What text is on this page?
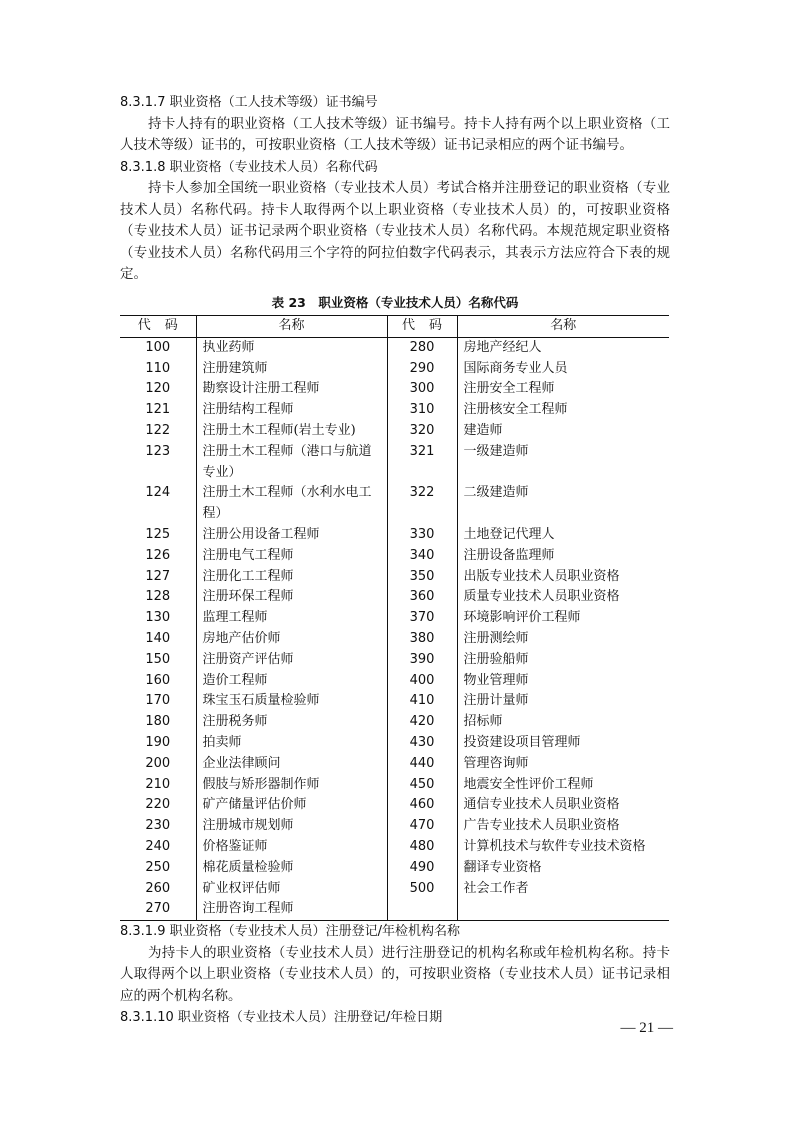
8.3.1.7 职业资格（工人技术等级）证书编号
持卡人持有的职业资格（工人技术等级）证书编号。持卡人持有两个以上职业资格（工人技术等级）证书的，可按职业资格（工人技术等级）证书记录相应的两个证书编号。
8.3.1.8 职业资格（专业技术人员）名称代码
持卡人参加全国统一职业资格（专业技术人员）考试合格并注册登记的职业资格（专业技术人员）名称代码。持卡人取得两个以上职业资格（专业技术人员）的，可按职业资格（专业技术人员）证书记录两个职业资格（专业技术人员）名称代码。本规范规定职业资格（专业技术人员）名称代码用三个字符的阿拉伯数字代码表示，其表示方法应符合下表的规定。
表 23　职业资格（专业技术人员）名称代码
代码	名称	代码	名称
100	执业药师	280	房地产经纪人
110	注册建筑师	290	国际商务专业人员
120	勘察设计注册工程师	300	注册安全工程师
121	注册结构工程师	310	注册核安全工程师
122	注册土木工程师(岩土专业)	320	建造师
123	注册土木工程师（港口与航道专业）	321	一级建造师
124	注册土木工程师（水利水电工程）	322	二级建造师
125	注册公用设备工程师	330	土地登记代理人
126	注册电气工程师	340	注册设备监理师
127	注册化工工程师	350	出版专业技术人员职业资格
128	注册环保工程师	360	质量专业技术人员职业资格
130	监理工程师	370	环境影响评价工程师
140	房地产估价师	380	注册测绘师
150	注册资产评估师	390	注册验船师
160	造价工程师	400	物业管理师
170	珠宝玉石质量检验师	410	注册计量师
180	注册税务师	420	招标师
190	拍卖师	430	投资建设项目管理师
200	企业法律顾问	440	管理咨询师
210	假肢与矫形器制作师	450	地震安全性评价工程师
220	矿产储量评估价师	460	通信专业技术人员职业资格
230	注册城市规划师	470	广告专业技术人员职业资格
240	价格鉴证师	480	计算机技术与软件专业技术资格
250	棉花质量检验师	490	翻译专业资格
260	矿业权评估师	500	社会工作者
270	注册咨询工程师		
8.3.1.9 职业资格（专业技术人员）注册登记/年检机构名称
为持卡人的职业资格（专业技术人员）进行注册登记的机构名称或年检机构名称。持卡人取得两个以上职业资格（专业技术人员）的，可按职业资格（专业技术人员）证书记录相应的两个机构名称。
8.3.1.10 职业资格（专业技术人员）注册登记/年检日期
— 21 —
